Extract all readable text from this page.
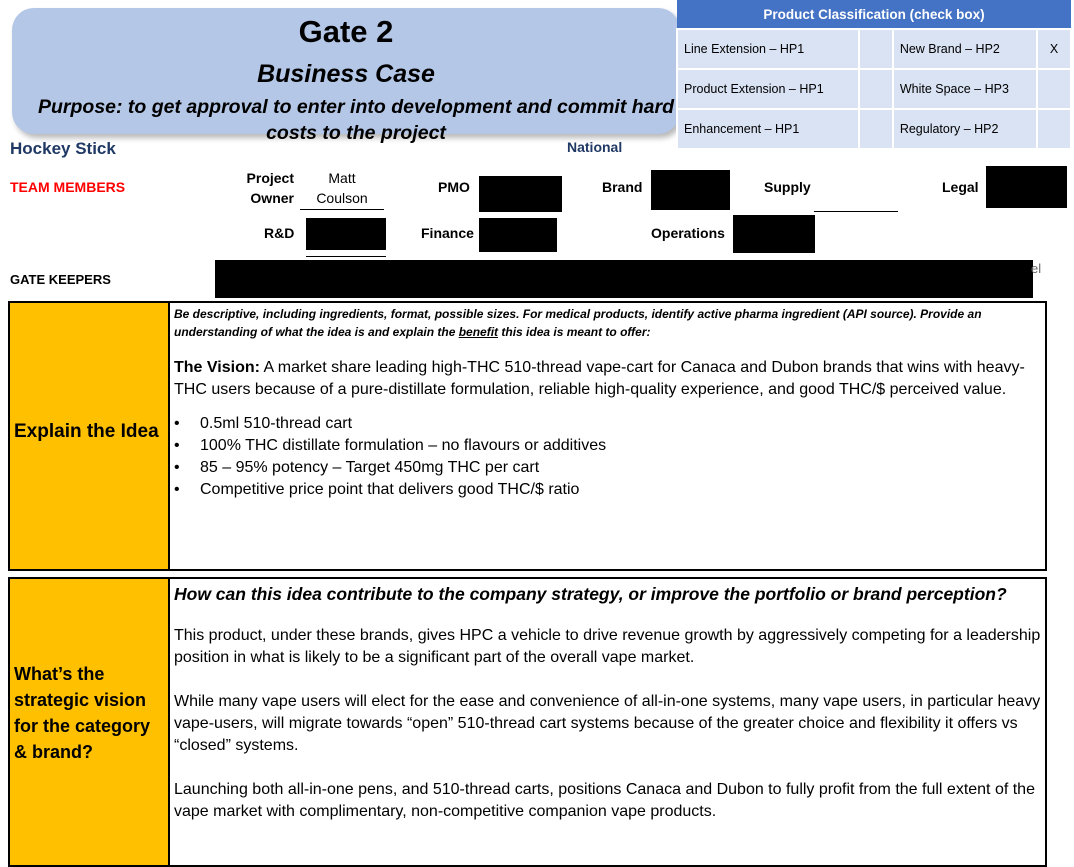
Gate 2
Business Case
Purpose: to get approval to enter into development and commit hard costs to the project
Product Classification (check box)			
Line Extension – HP1		New Brand – HP2	X
Product Extension – HP1		White Space – HP3	
Enhancement – HP1		Regulatory – HP2	
Hockey Stick	National
TEAM MEMBERS
Project
Owner
Matt
Coulson
PMO	Brand	Supply	Legal
R&D	Finance	Operations
GATE KEEPERS
el
Explain the Idea
Be descriptive, including ingredients, format, possible sizes. For medical products, identify active pharma ingredient (API source). Provide an understanding of what the idea is and explain the benefit this idea is meant to offer:
The Vision: A market share leading high-THC 510-thread vape-cart for Canaca and Dubon brands that wins with heavy-THC users because of a pure-distillate formulation, reliable high-quality experience, and good THC/$ perceived value.
• 0.5ml 510-thread cart
• 100% THC distillate formulation – no flavours or additives
• 85 – 95% potency – Target 450mg THC per cart
• Competitive price point that delivers good THC/$ ratio
What’s the strategic vision for the category & brand?
How can this idea contribute to the company strategy, or improve the portfolio or brand perception?

This product, under these brands, gives HPC a vehicle to drive revenue growth by aggressively competing for a leadership position in what is likely to be a significant part of the overall vape market.

While many vape users will elect for the ease and convenience of all-in-one systems, many vape users, in particular heavy vape-users, will migrate towards “open” 510-thread cart systems because of the greater choice and flexibility it offers vs “closed” systems.

Launching both all-in-one pens, and 510-thread carts, positions Canaca and Dubon to fully profit from the full extent of the vape market with complimentary, non-competitive companion vape products.
